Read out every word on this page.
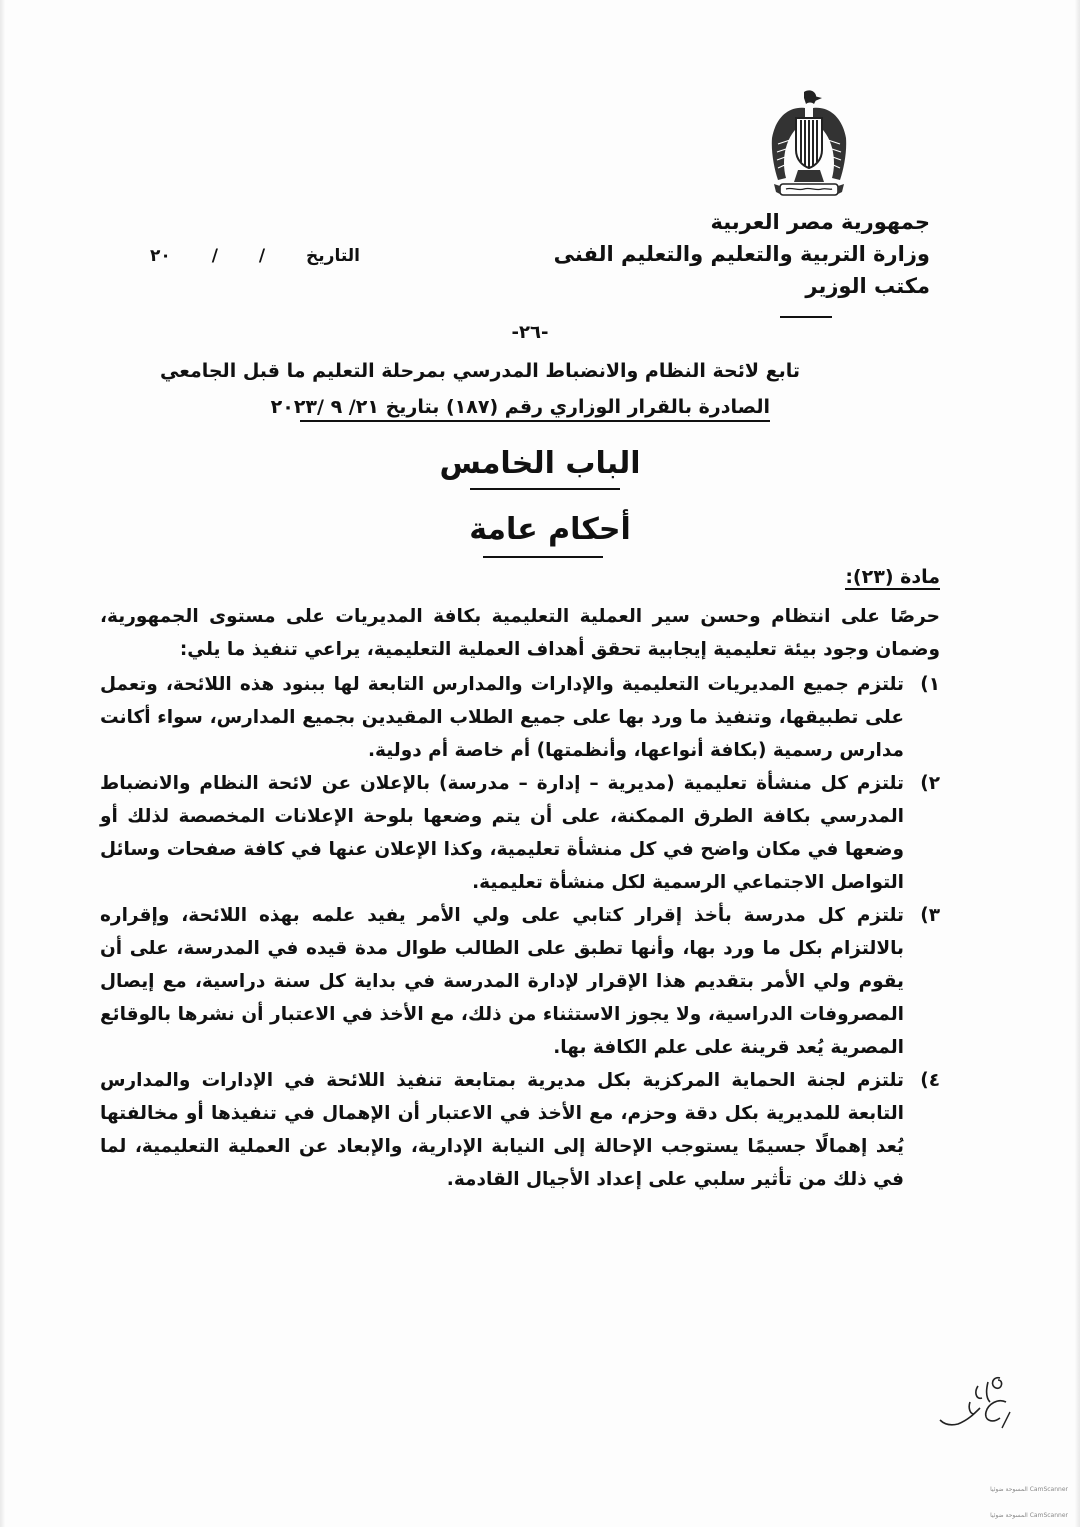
جمهورية مصر العربية
وزارة التربية والتعليم والتعليم الفنى
مكتب الوزير
التاريخ
/
/
٢٠
-٢٦-
تابع لائحة النظام والانضباط المدرسي بمرحلة التعليم ما قبل الجامعي
الصادرة بالقرار الوزاري رقم (١٨٧) بتاريخ ٢١/ ٩ /٢٠٢٣
الباب الخامس
أحكام عامة
مادة (٢٣):

حرصًا على انتظام وحسن سير العملية التعليمية بكافة المديريات على مستوى الجمهورية، وضمان وجود بيئة تعليمية إيجابية تحقق أهداف العملية التعليمية، يراعي تنفيذ ما يلي:

١)
تلتزم جميع المديريات التعليمية والإدارات والمدارس التابعة لها ببنود هذه اللائحة، وتعمل على تطبيقها، وتنفيذ ما ورد بها على جميع الطلاب المقيدين بجميع المدارس، سواء أكانت مدارس رسمية (بكافة أنواعها، وأنظمتها) أم خاصة أم دولية.
٢)
تلتزم كل منشأة تعليمية (مديرية – إدارة – مدرسة) بالإعلان عن لائحة النظام والانضباط المدرسي بكافة الطرق الممكنة، على أن يتم وضعها بلوحة الإعلانات المخصصة لذلك أو وضعها في مكان واضح في كل منشأة تعليمية، وكذا الإعلان عنها في كافة صفحات وسائل التواصل الاجتماعي الرسمية لكل منشأة تعليمية.
٣)
تلتزم كل مدرسة بأخذ إقرار كتابي على ولي الأمر يفيد علمه بهذه اللائحة، وإقراره بالالتزام بكل ما ورد بها، وأنها تطبق على الطالب طوال مدة قيده في المدرسة، على أن يقوم ولي الأمر بتقديم هذا الإقرار لإدارة المدرسة في بداية كل سنة دراسية، مع إيصال المصروفات الدراسية، ولا يجوز الاستثناء من ذلك، مع الأخذ في الاعتبار أن نشرها بالوقائع المصرية يُعد قرينة على علم الكافة بها.
٤)
تلتزم لجنة الحماية المركزية بكل مديرية بمتابعة تنفيذ اللائحة في الإدارات والمدارس التابعة للمديرية بكل دقة وحزم، مع الأخذ في الاعتبار أن الإهمال في تنفيذها أو مخالفتها يُعد إهمالًا جسيمًا يستوجب الإحالة إلى النيابة الإدارية، والإبعاد عن العملية التعليمية، لما في ذلك من تأثير سلبي على إعداد الأجيال القادمة.
CamScanner المسوحة ضوئيا
CamScanner المسوحة ضوئيا
